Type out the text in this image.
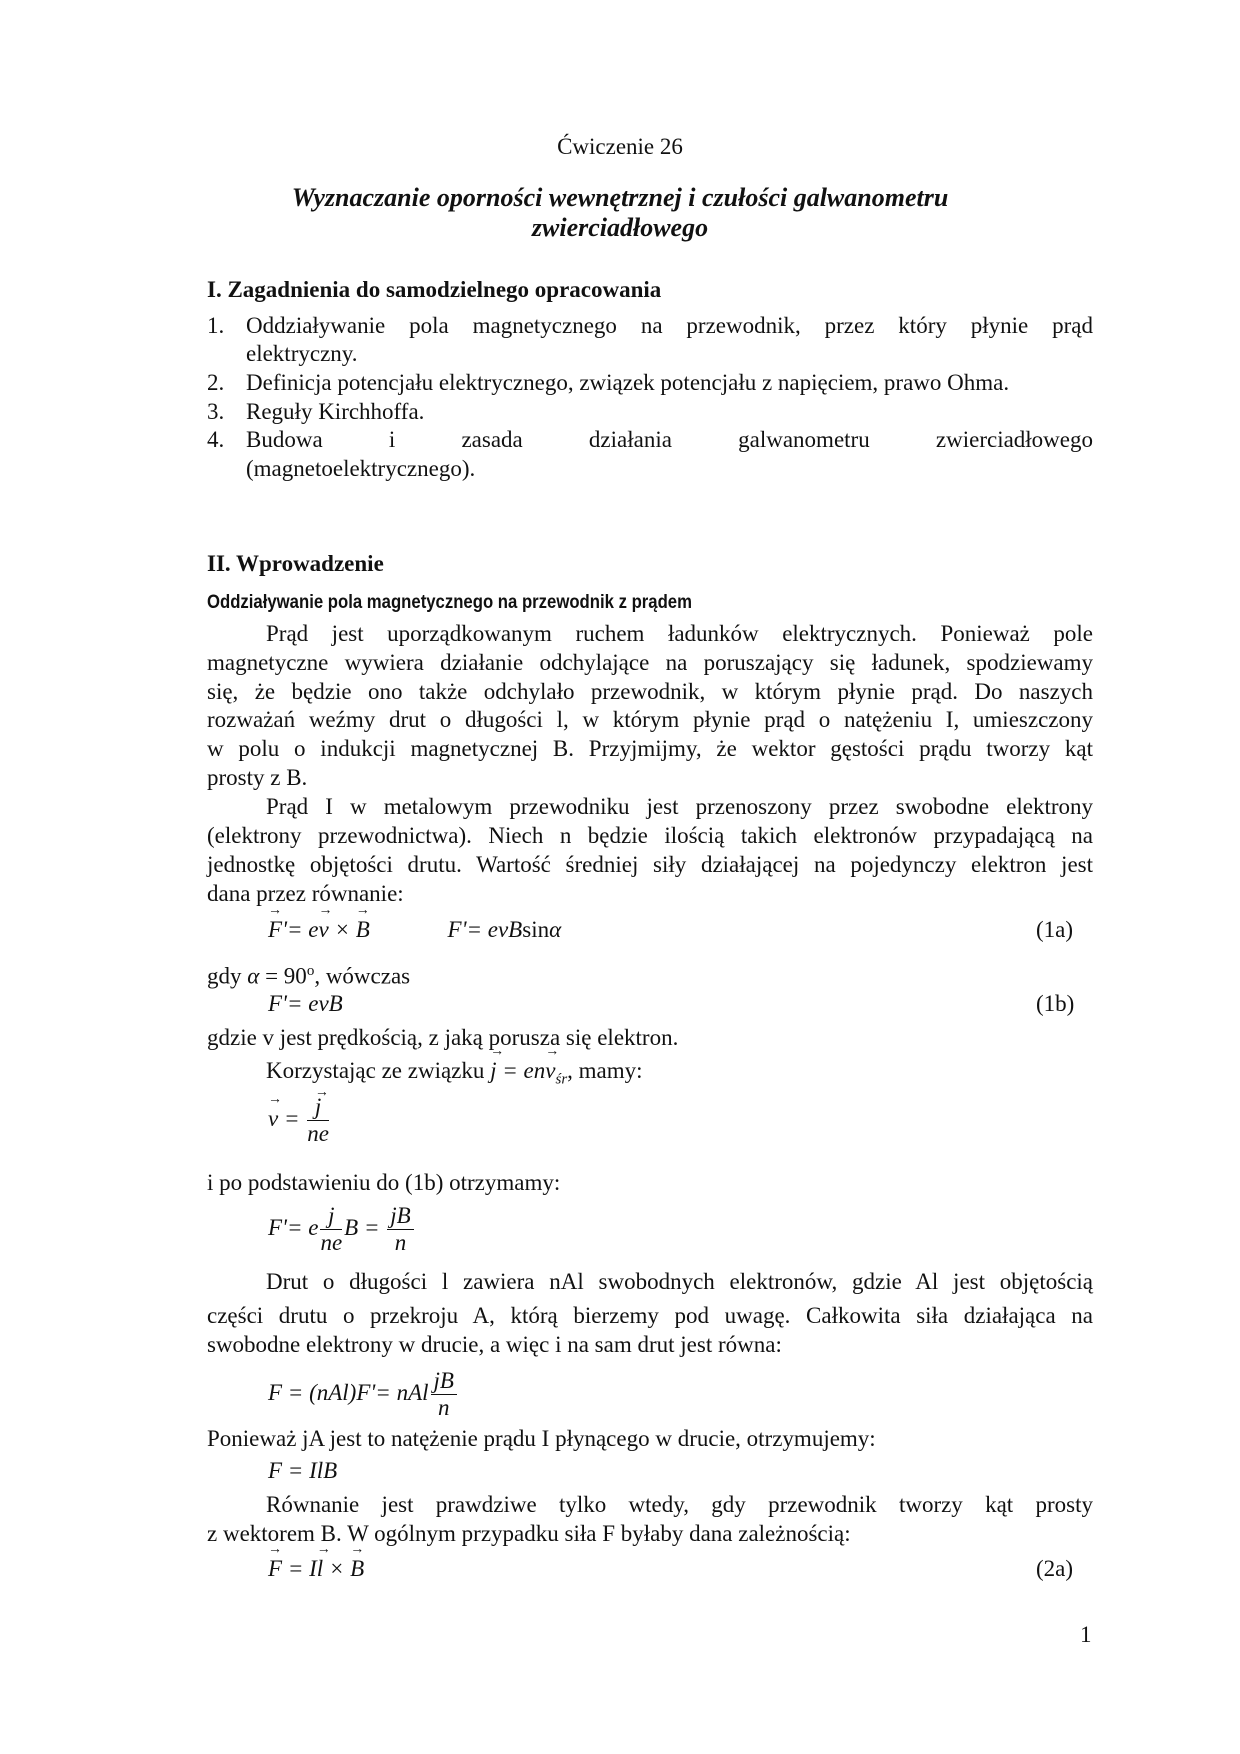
Ćwiczenie 26
Wyznaczanie oporności wewnętrznej i czułości galwanometru
zwierciadłowego
I. Zagadnienia do samodzielnego opracowania
1. Oddziaływanie pola magnetycznego na przewodnik, przez który płynie prąd
elektryczny.
2. Definicja potencjału elektrycznego, związek potencjału z napięciem, prawo Ohma.
3. Reguły Kirchhoffa.
4. Budowa i zasada działania galwanometru zwierciadłowego
(magnetoelektrycznego).
II. Wprowadzenie
Oddziaływanie pola magnetycznego na przewodnik z prądem
Prąd jest uporządkowanym ruchem ładunków elektrycznych. Ponieważ pole
magnetyczne wywiera działanie odchylające na poruszający się ładunek, spodziewamy
się, że będzie ono także odchylało przewodnik, w którym płynie prąd. Do naszych
rozważań weźmy drut o długości l, w którym płynie prąd o natężeniu I, umieszczony
w polu o indukcji magnetycznej B. Przyjmijmy, że wektor gęstości prądu tworzy kąt
prosty z B.
Prąd I w metalowym przewodniku jest przenoszony przez swobodne elektrony
(elektrony przewodnictwa). Niech n będzie ilością takich elektronów przypadającą na
jednostkę objętości drutu. Wartość średniej siły działającej na pojedynczy elektron jest
dana przez równanie:
→ F'= e→ v × → B	F'= evBsinα	(1a)
gdy $\alpha = 90^o$, wówczas
F'= evB	(1b)
gdzie v jest prędkością, z jaką porusza się elektron.
Korzystając ze związku → $j = en\to v_{śr}$, mamy:
→ v = → $\frac{j}{ne}$
i po podstawieniu do (1b) otrzymamy:
F'= e $\frac{j}{ne}$ $B = \frac{jB}{n}$
Drut o długości l zawiera nAl swobodnych elektronów, gdzie Al jest objętością
części drutu o przekroju A, którą bierzemy pod uwagę. Całkowita siła działająca na
swobodne elektrony w drucie, a więc i na sam drut jest równa:
F = (nAl)F'= nAl $\frac{jB}{n}$
Ponieważ jA jest to natężenie prądu I płynącego w drucie, otrzymujemy:
F = IlB
Równanie jest prawdziwe tylko wtedy, gdy przewodnik tworzy kąt prosty
z wektorem B. W ogólnym przypadku siła F byłaby dana zależnością:
→ F = I→ l × → B	(2a)
1
